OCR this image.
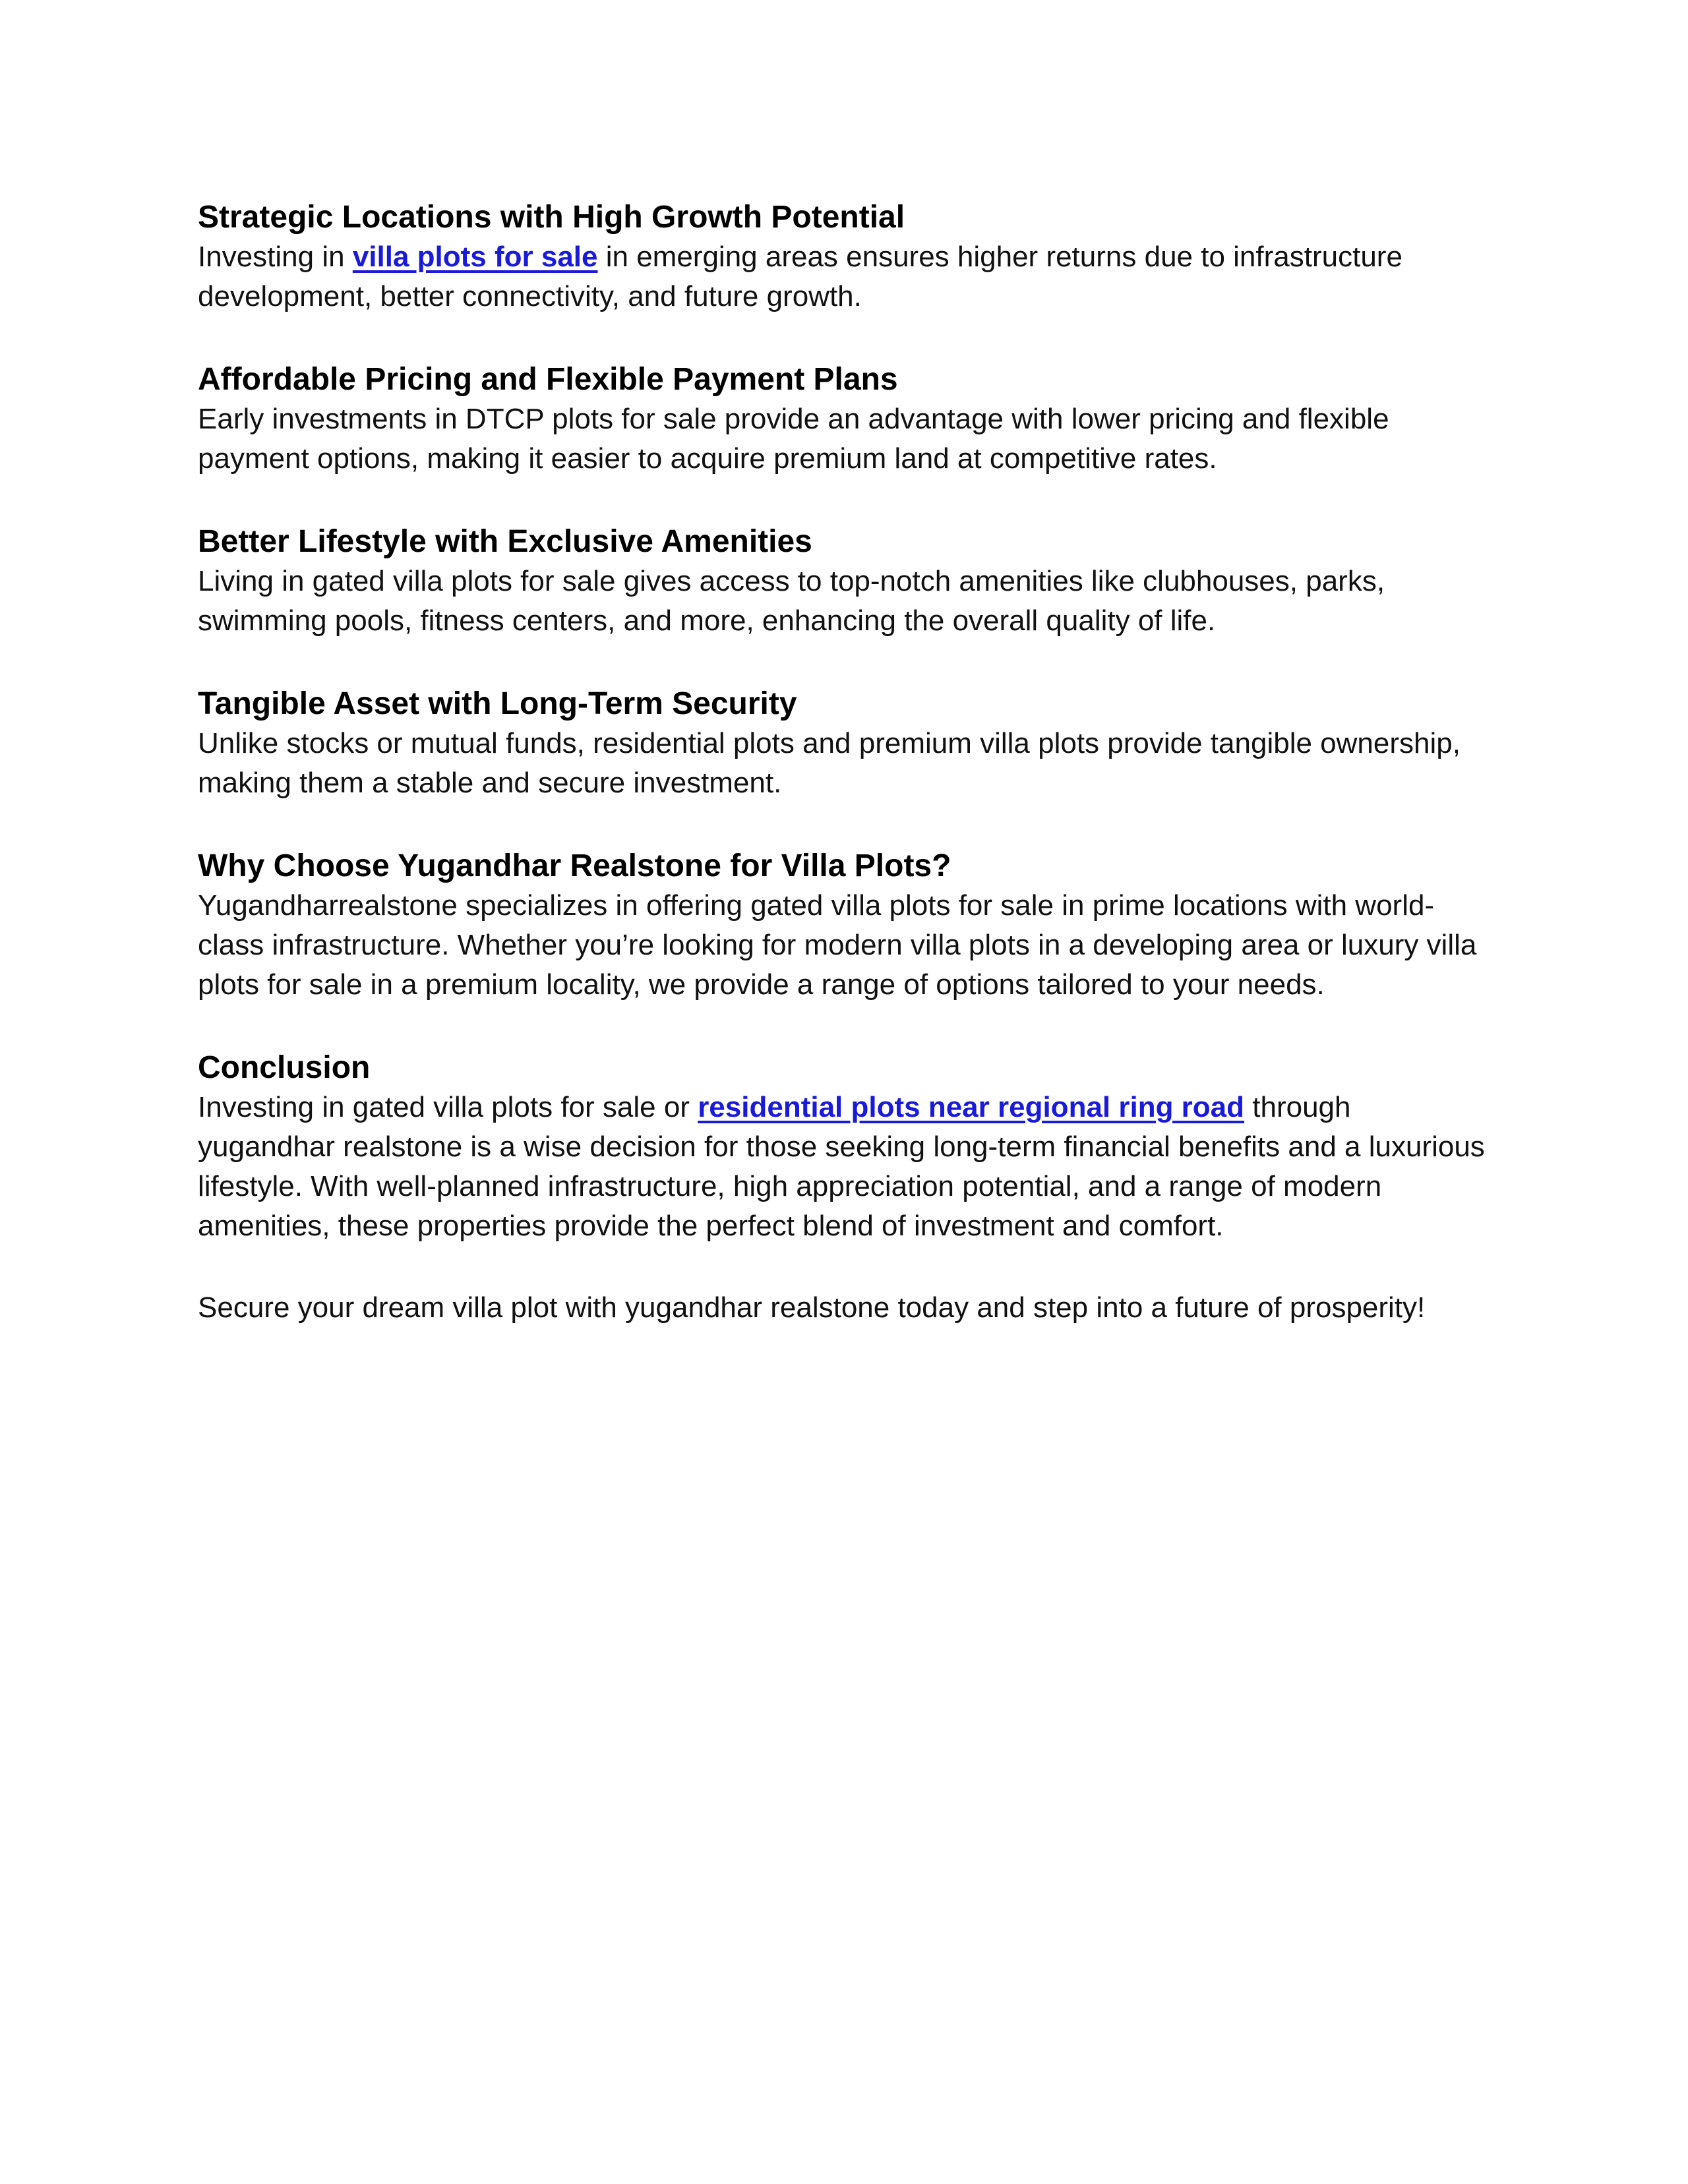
Strategic Locations with High Growth Potential

Investing in villa plots for sale in emerging areas ensures higher returns due to infrastructure development, better connectivity, and future growth.

Affordable Pricing and Flexible Payment Plans

Early investments in DTCP plots for sale provide an advantage with lower pricing and flexible payment options, making it easier to acquire premium land at competitive rates.

Better Lifestyle with Exclusive Amenities

Living in gated villa plots for sale gives access to top-notch amenities like clubhouses, parks, swimming pools, fitness centers, and more, enhancing the overall quality of life.

Tangible Asset with Long-Term Security

Unlike stocks or mutual funds, residential plots and premium villa plots provide tangible ownership, making them a stable and secure investment.

Why Choose Yugandhar Realstone for Villa Plots?

Yugandharrealstone specializes in offering gated villa plots for sale in prime locations with world-class infrastructure. Whether you’re looking for modern villa plots in a developing area or luxury villa plots for sale in a premium locality, we provide a range of options tailored to your needs.

Conclusion

Investing in gated villa plots for sale or residential plots near regional ring road through yugandhar realstone is a wise decision for those seeking long-term financial benefits and a luxurious lifestyle. With well-planned infrastructure, high appreciation potential, and a range of modern amenities, these properties provide the perfect blend of investment and comfort.

Secure your dream villa plot with yugandhar realstone today and step into a future of prosperity!
